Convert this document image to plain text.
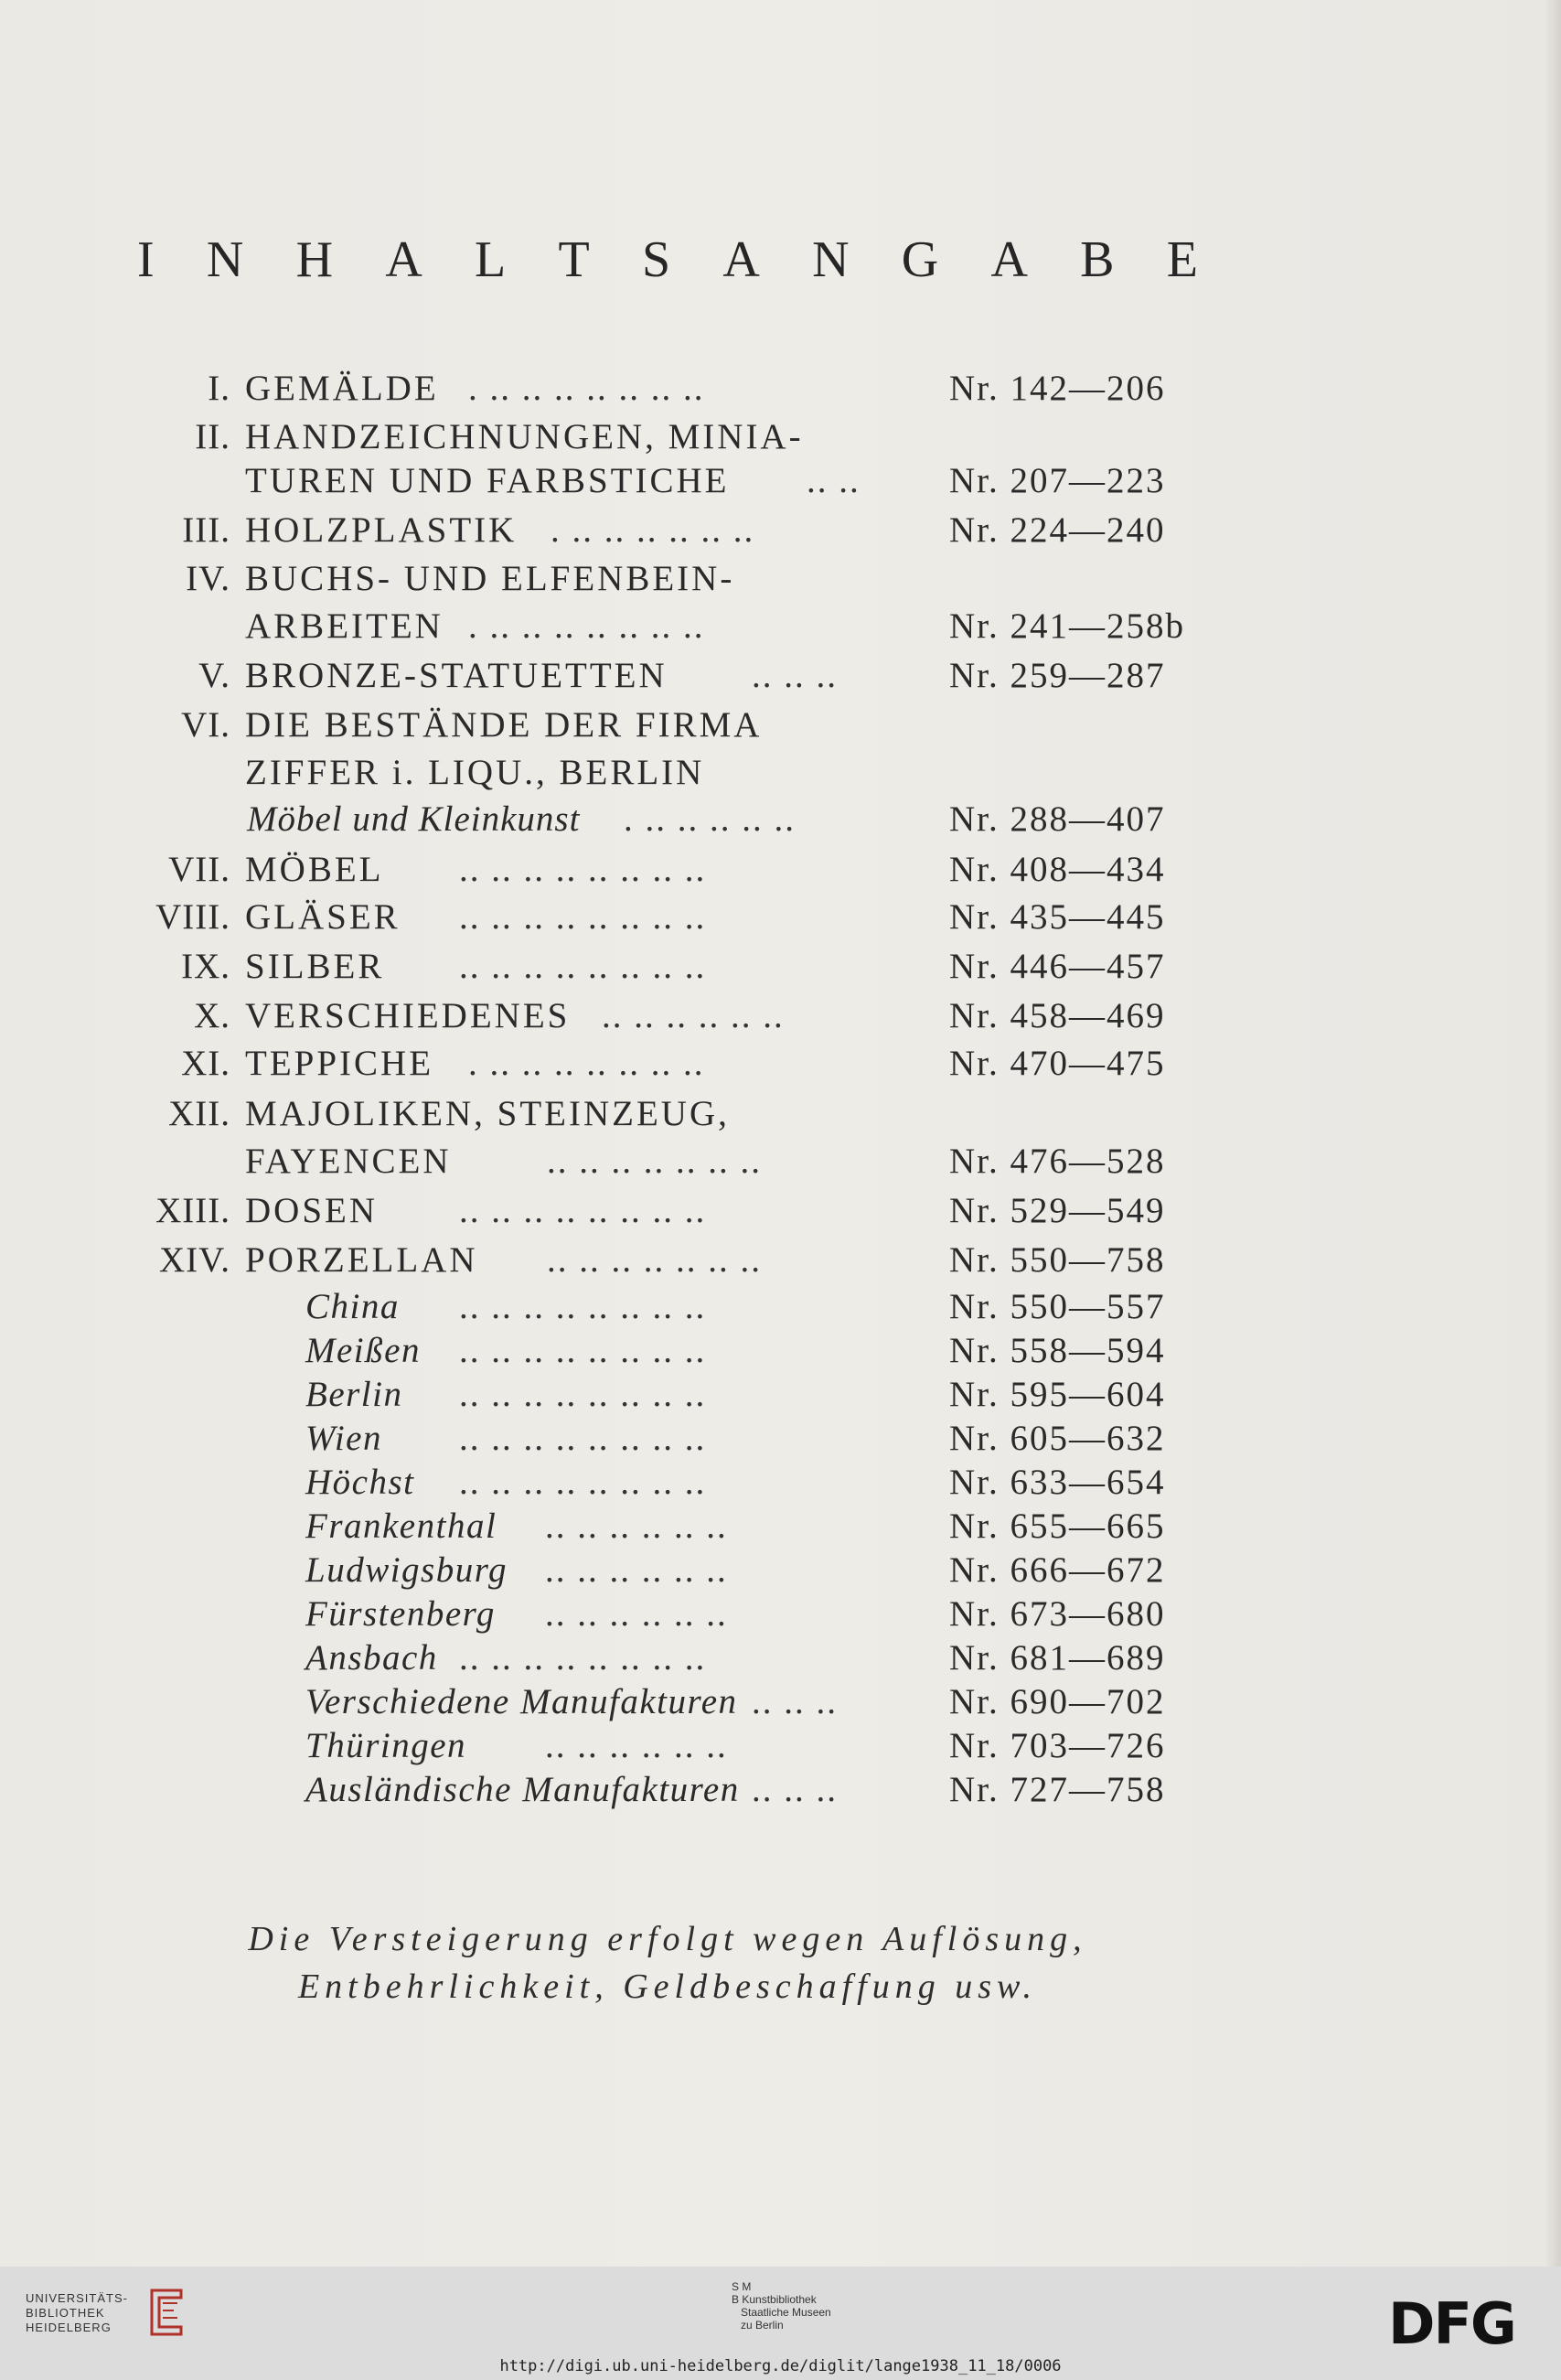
I N H A L T S A N G A B E
I. GEMÄLDE . .. .. .. .. .. .. ..	Nr. 142—206
II. HANDZEICHNUNGEN, MINIA-
TUREN UND FARBSTICHE .. .. Nr. 207—223
III. HOLZPLASTIK . .. .. .. .. .. ..	Nr. 224—240
IV. BUCHS- UND ELFENBEIN-
ARBEITEN . .. .. .. .. .. .. ..	Nr. 241—258b
V. BRONZE-STATUETTEN .. .. ..	Nr. 259—287
VI. DIE BESTÄNDE DER FIRMA
ZIFFER i. LIQU., BERLIN
Möbel und Kleinkunst . .. .. .. .. ..	Nr. 288—407
VII. MÖBEL .. .. .. .. .. .. .. ..	Nr. 408—434
VIII. GLÄSER .. .. .. .. .. .. .. ..	Nr. 435—445
IX. SILBER .. .. .. .. .. .. .. ..	Nr. 446—457
X. VERSCHIEDENES .. .. .. .. .. ..	Nr. 458—469
XI. TEPPICHE . .. .. .. .. .. .. ..	Nr. 470—475
XII. MAJOLIKEN, STEINZEUG,
FAYENCEN	.. .. .. .. .. .. ..	Nr. 476—528
XIII. DOSEN .. .. .. .. .. .. .. ..	Nr. 529—549
XIV. PORZELLAN .. .. .. .. .. .. ..	Nr. 550—758
China .. .. .. .. .. .. .. ..	Nr. 550—557
Meißen .. .. .. .. .. .. .. ..	Nr. 558—594
Berlin .. .. .. .. .. .. .. ..	Nr. 595—604
Wien .. .. .. .. .. .. .. ..	Nr. 605—632
Höchst .. .. .. .. .. .. .. ..	Nr. 633—654
Frankenthal .. .. .. .. .. ..	Nr. 655—665
Ludwigsburg .. .. .. .. .. ..	Nr. 666—672
Fürstenberg .. .. .. .. .. ..	Nr. 673—680
Ansbach .. .. .. .. .. .. .. ..	Nr. 681—689
Verschiedene Manufakturen .. .. ..	Nr. 690—702
Thüringen .. .. .. .. .. ..	Nr. 703—726
Ausländische Manufakturen .. .. ..	Nr. 727—758
Die Versteigerung erfolgt wegen Auflösung,
Entbehrlichkeit, Geldbeschaffung usw.
UNIVERSITÄTS-
BIBLIOTHEK
HEIDELBERG
S M
B Kunstbibliothek
Staatliche Museen
zu Berlin
http://digi.ub.uni-heidelberg.de/diglit/lange1938_11_18/0006
DFG
